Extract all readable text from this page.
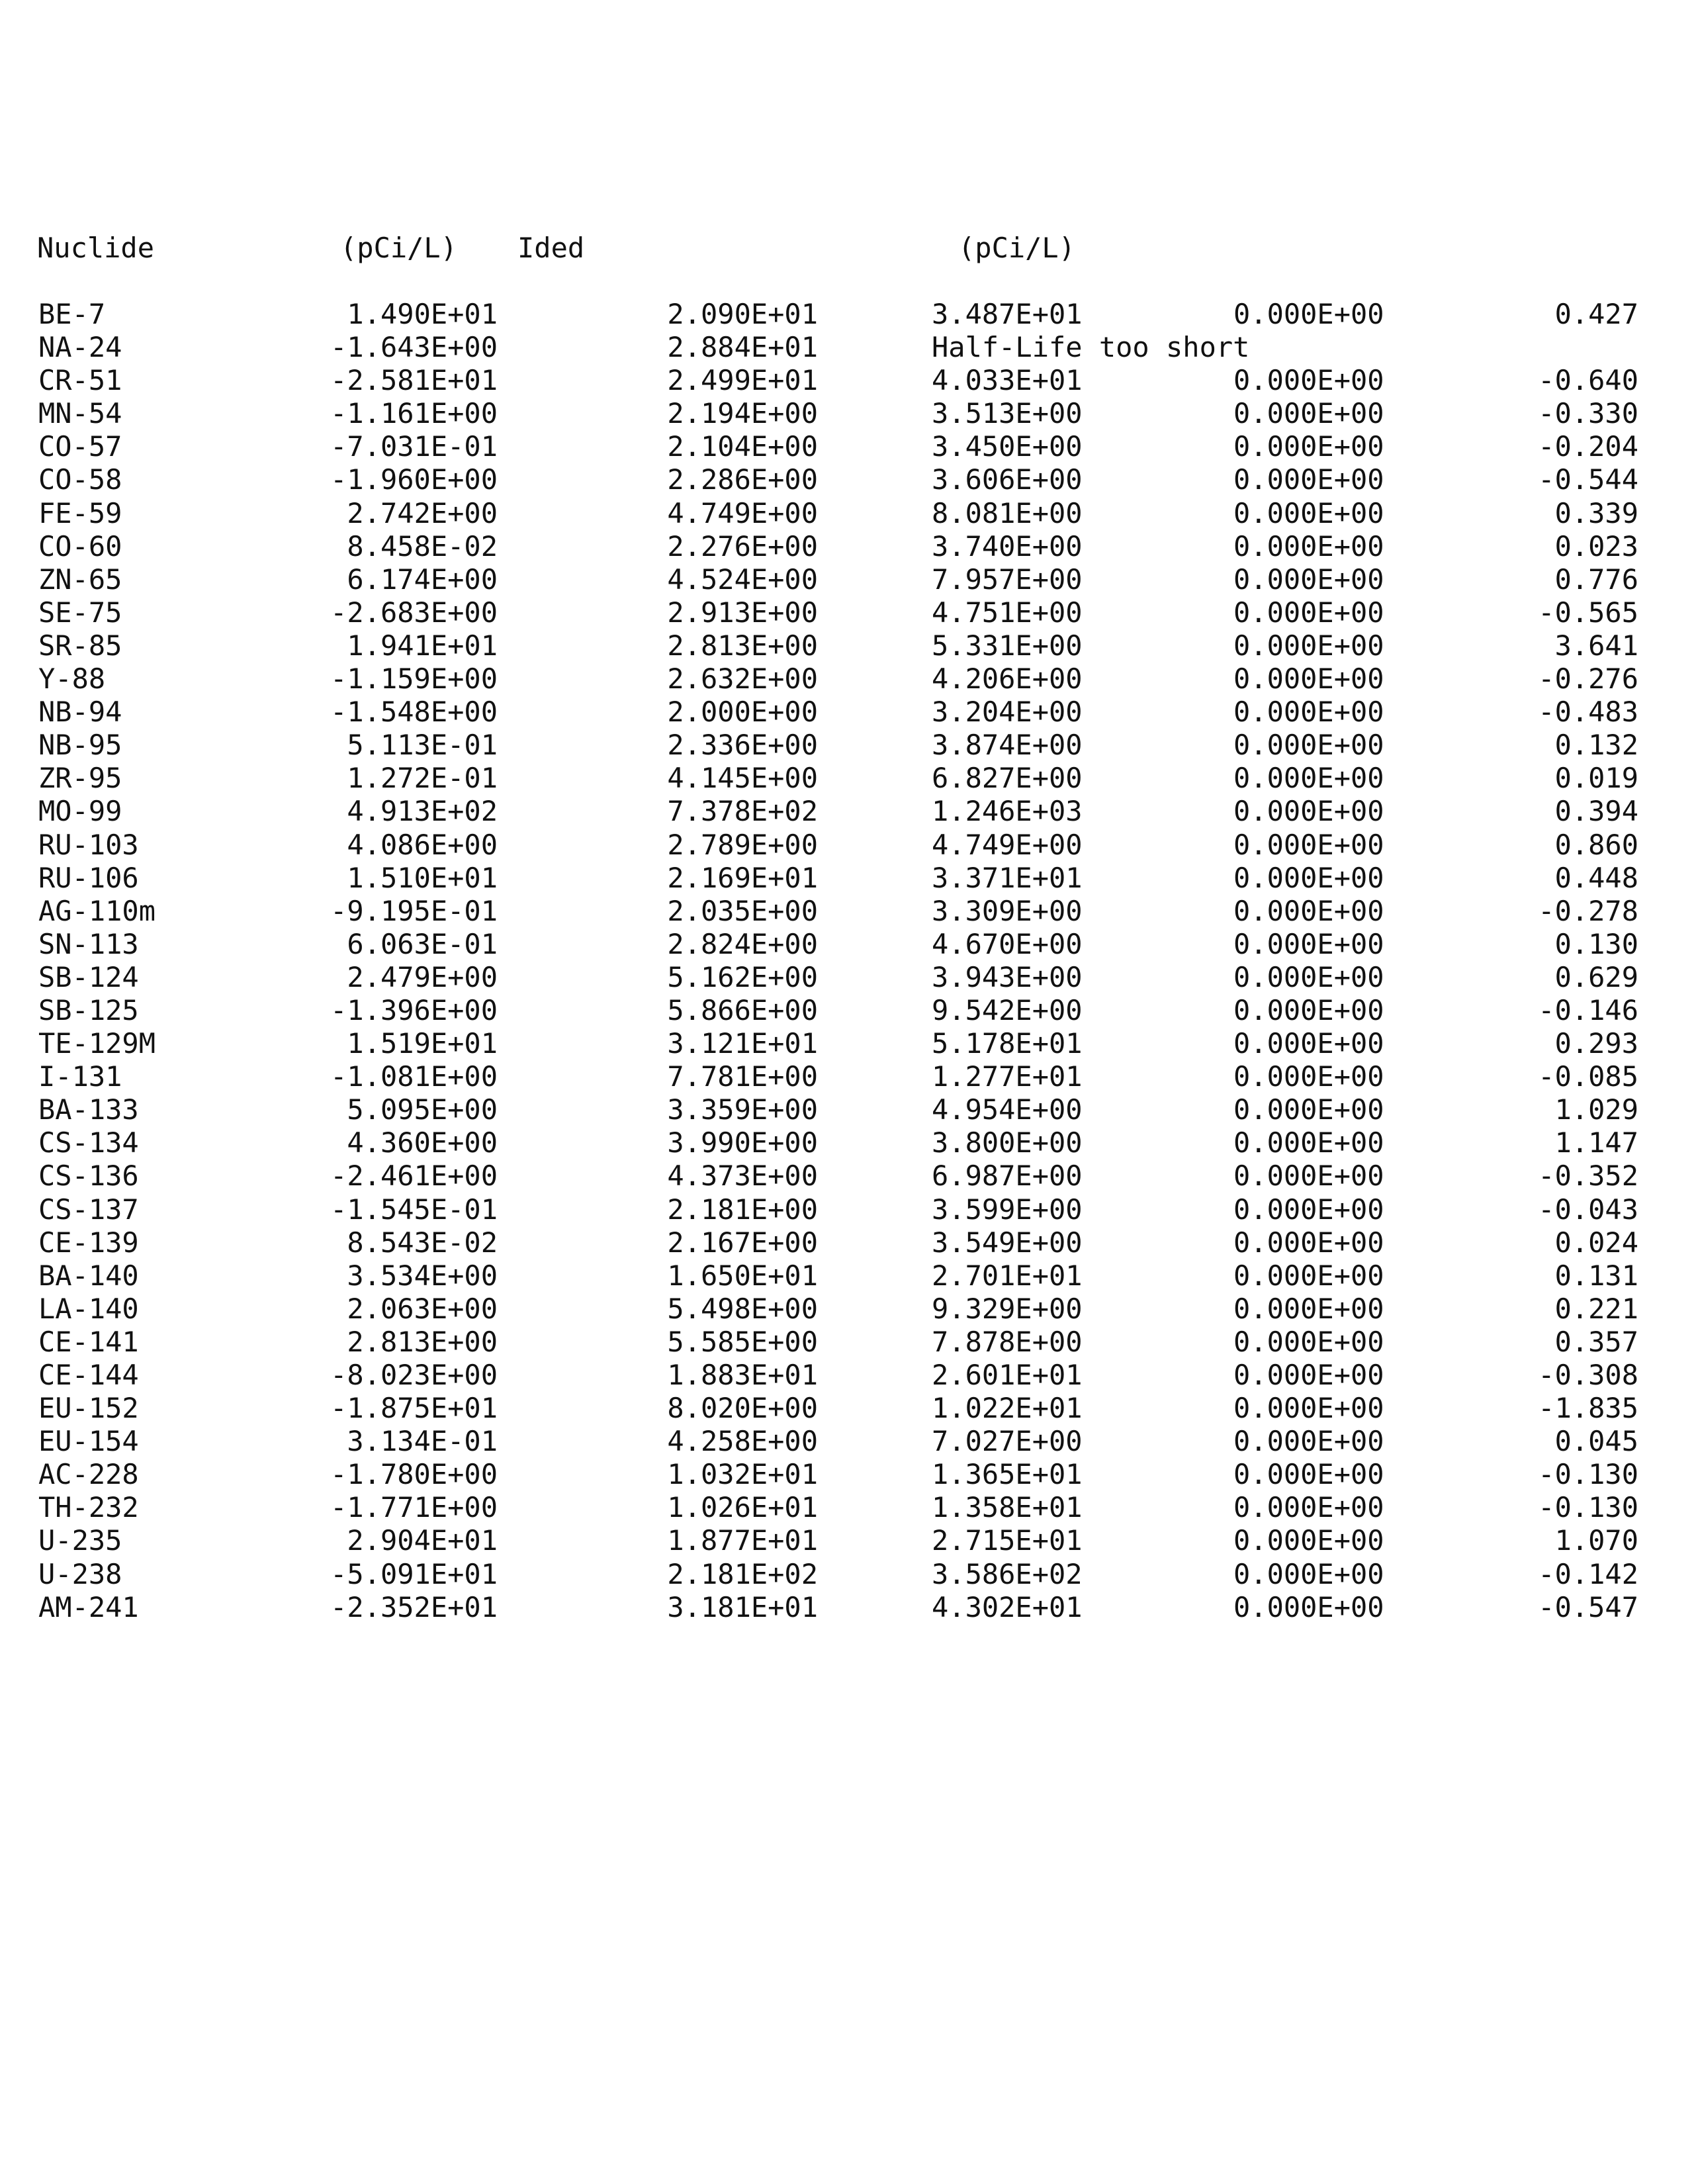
Nuclide	(pCi/L) Ided	(pCi/L)
BE-7	1.490E+01	2.090E+01	3.487E+01	0.000E+00	0.427
NA-24	-1.643E+00	2.884E+01	Half-Life too short
CR-51	-2.581E+01	2.499E+01	4.033E+01	0.000E+00	-0.640
MN-54	-1.161E+00	2.194E+00	3.513E+00	0.000E+00	-0.330
CO-57	-7.031E-01	2.104E+00	3.450E+00	0.000E+00	-0.204
CO-58	-1.960E+00	2.286E+00	3.606E+00	0.000E+00	-0.544
FE-59	2.742E+00	4.749E+00	8.081E+00	0.000E+00	0.339
CO-60	8.458E-02	2.276E+00	3.740E+00	0.000E+00	0.023
ZN-65	6.174E+00	4.524E+00	7.957E+00	0.000E+00	0.776
SE-75	-2.683E+00	2.913E+00	4.751E+00	0.000E+00	-0.565
SR-85	1.941E+01	2.813E+00	5.331E+00	0.000E+00	3.641
Y-88	-1.159E+00	2.632E+00	4.206E+00	0.000E+00	-0.276
NB-94	-1.548E+00	2.000E+00	3.204E+00	0.000E+00	-0.483
NB-95	5.113E-01	2.336E+00	3.874E+00	0.000E+00	0.132
ZR-95	1.272E-01	4.145E+00	6.827E+00	0.000E+00	0.019
MO-99	4.913E+02	7.378E+02	1.246E+03	0.000E+00	0.394
RU-103	4.086E+00	2.789E+00	4.749E+00	0.000E+00	0.860
RU-106	1.510E+01	2.169E+01	3.371E+01	0.000E+00	0.448
AG-110m	-9.195E-01	2.035E+00	3.309E+00	0.000E+00	-0.278
SN-113	6.063E-01	2.824E+00	4.670E+00	0.000E+00	0.130
SB-124	2.479E+00	5.162E+00	3.943E+00	0.000E+00	0.629
SB-125	-1.396E+00	5.866E+00	9.542E+00	0.000E+00	-0.146
TE-129M	1.519E+01	3.121E+01	5.178E+01	0.000E+00	0.293
I-131	-1.081E+00	7.781E+00	1.277E+01	0.000E+00	-0.085
BA-133	5.095E+00	3.359E+00	4.954E+00	0.000E+00	1.029
CS-134	4.360E+00	3.990E+00	3.800E+00	0.000E+00	1.147
CS-136	-2.461E+00	4.373E+00	6.987E+00	0.000E+00	-0.352
CS-137	-1.545E-01	2.181E+00	3.599E+00	0.000E+00	-0.043
CE-139	8.543E-02	2.167E+00	3.549E+00	0.000E+00	0.024
BA-140	3.534E+00	1.650E+01	2.701E+01	0.000E+00	0.131
LA-140	2.063E+00	5.498E+00	9.329E+00	0.000E+00	0.221
CE-141	2.813E+00	5.585E+00	7.878E+00	0.000E+00	0.357
CE-144	-8.023E+00	1.883E+01	2.601E+01	0.000E+00	-0.308
EU-152	-1.875E+01	8.020E+00	1.022E+01	0.000E+00	-1.835
EU-154	3.134E-01	4.258E+00	7.027E+00	0.000E+00	0.045
AC-228	-1.780E+00	1.032E+01	1.365E+01	0.000E+00	-0.130
TH-232	-1.771E+00	1.026E+01	1.358E+01	0.000E+00	-0.130
U-235	2.904E+01	1.877E+01	2.715E+01	0.000E+00	1.070
U-238	-5.091E+01	2.181E+02	3.586E+02	0.000E+00	-0.142
AM-241	-2.352E+01	3.181E+01	4.302E+01	0.000E+00	-0.547
